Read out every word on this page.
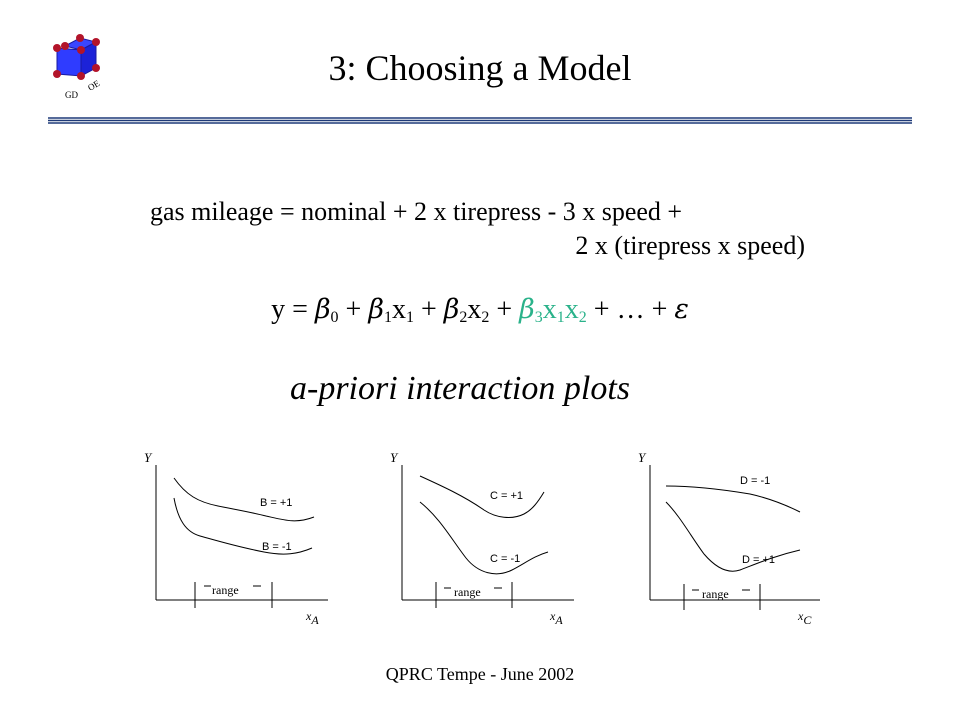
GD
OE	3: Choosing a Model
gas mileage = nominal + 2 x tirepress - 3 x speed +
2 x (tirepress x speed)
$y = \beta_0 + \beta_1x_1 + \beta_2x_2 + \beta_3x_1x_2$ + … + ε
a-priori interaction plots
Y
B = +1
B = -1
range
xA
Y
C = +1
C = -1
range
xA
Y
D = -1
D = +1
range
xC
QPRC Tempe - June 2002
